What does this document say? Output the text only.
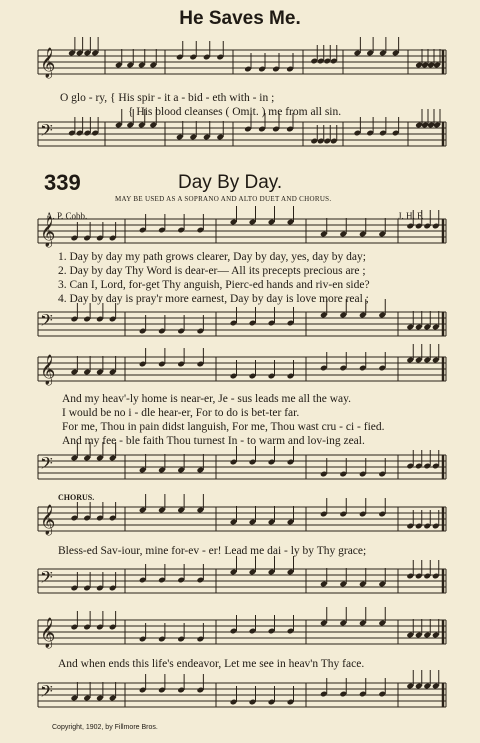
He Saves Me.
𝄞
𝄢
𝄞
𝄢
𝄞
𝄢
𝄞
𝄢
𝄞
𝄢
O glo - ry, { His spir - it a - bid - eth with - in ;
{ His blood cleanses ( Omit. ) me from all sin.
339	Day By Day.
MAY BE USED AS A SOPRANO AND ALTO DUET AND CHORUS.
A. P. Cobb.	J. H. F.
1. Day by day my path grows clearer, Day by day, yes, day by day;
2. Day by day Thy Word is dear-er— All its precepts precious are ;
3. Can I, Lord, for-get Thy anguish, Pierc-ed hands and riv-en side?
4. Day by day is pray'r more earnest, Day by day is love more real ;
And my heav'-ly home is near-er, Je - sus leads me all the way.
I would be no i - dle hear-er, For to do is bet-ter far.
For me, Thou in pain didst languish, For me, Thou wast cru - ci - fied.
And my fee - ble faith Thou turnest In - to warm and lov-ing zeal.
CHORUS.
Bless-ed Sav-iour, mine for-ev - er! Lead me dai - ly by Thy grace;
And when ends this life's endeavor, Let me see in heav'n Thy face.
Copyright, 1902, by Fillmore Bros.
